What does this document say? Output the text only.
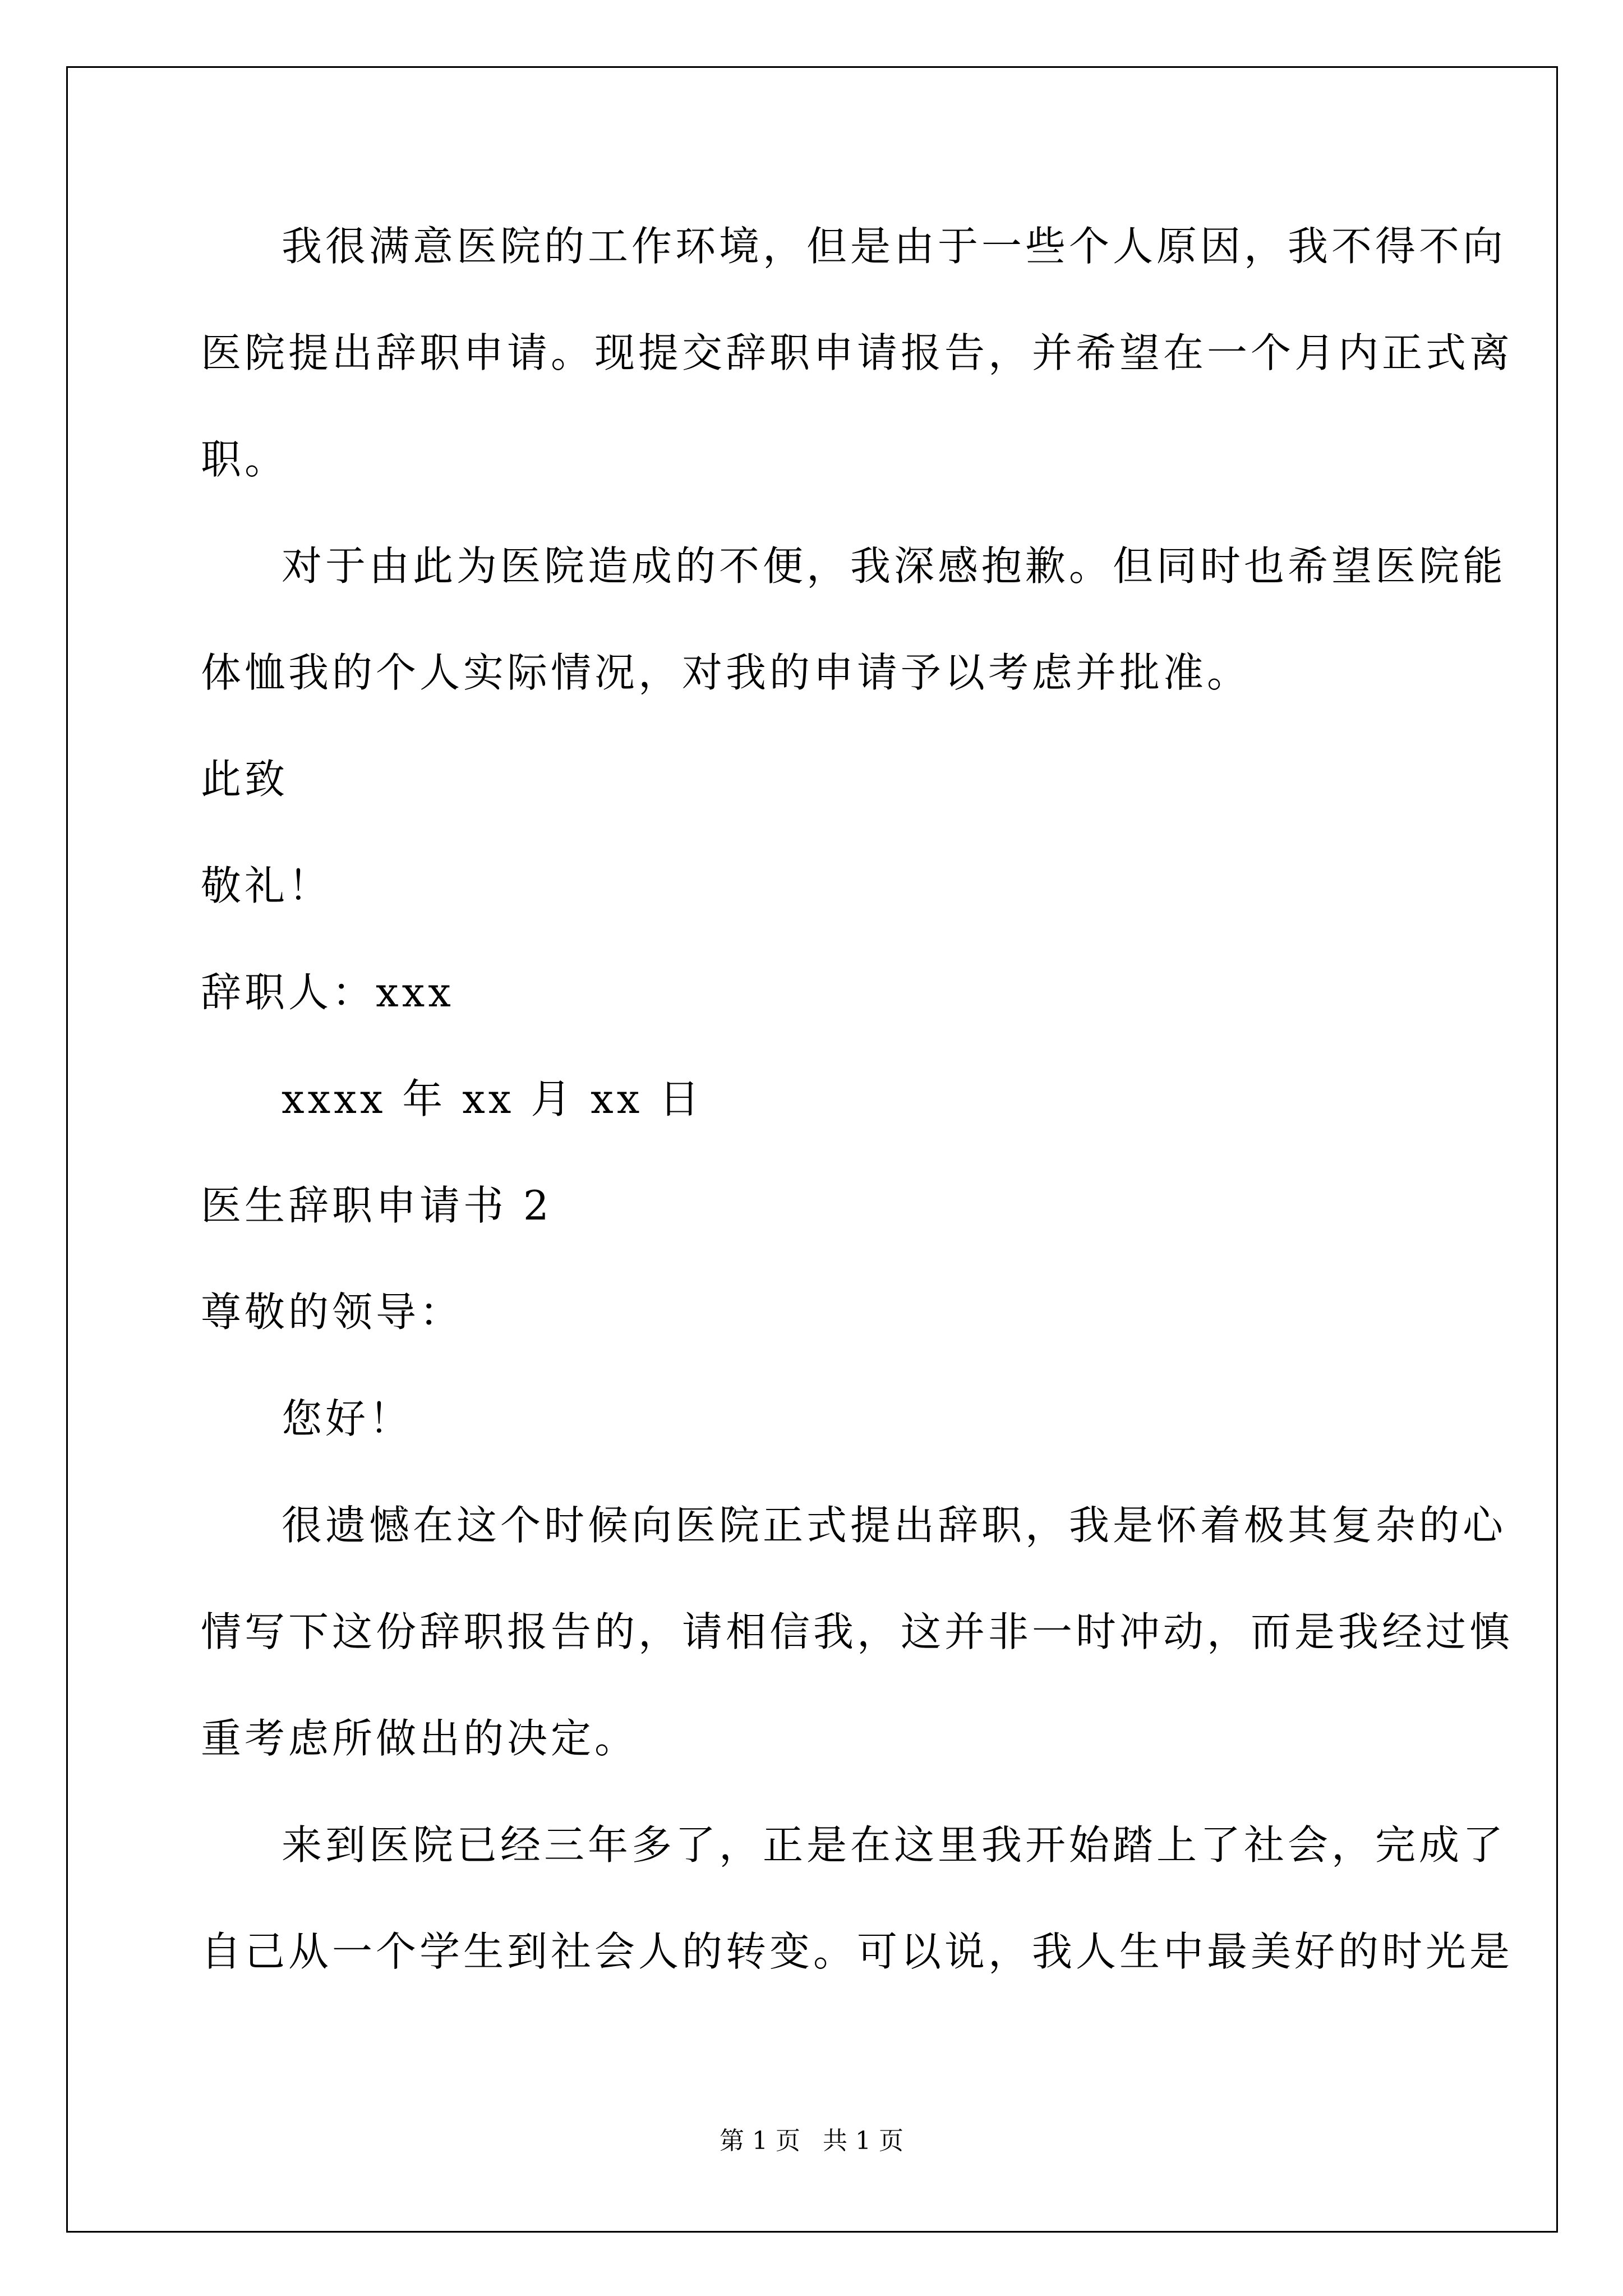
我很满意医院的工作环境，但是由于一些个人原因，我不得不向
医院提出辞职申请。现提交辞职申请报告，并希望在一个月内正式离
职。
对于由此为医院造成的不便，我深感抱歉。但同时也希望医院能
体恤我的个人实际情况，对我的申请予以考虑并批准。
此致
敬礼！
辞职人：xxx
xxxx 年 xx 月 xx 日
医生辞职申请书 2
尊敬的领导：
您好！
很遗憾在这个时候向医院正式提出辞职，我是怀着极其复杂的心
情写下这份辞职报告的，请相信我，这并非一时冲动，而是我经过慎
重考虑所做出的决定。
来到医院已经三年多了，正是在这里我开始踏上了社会，完成了
自己从一个学生到社会人的转变。可以说，我人生中最美好的时光是
第 1 页 共 1 页
